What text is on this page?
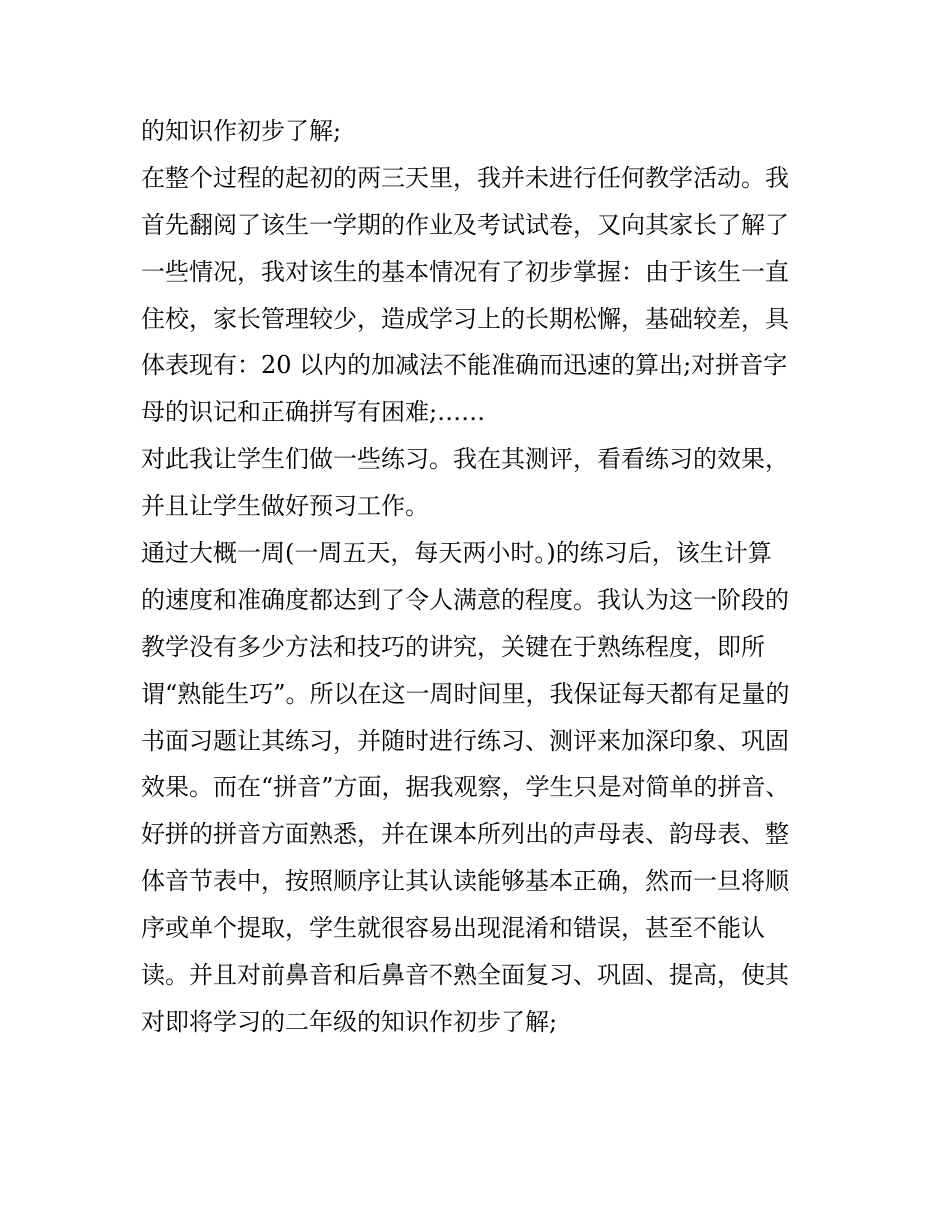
的知识作初步了解;
在整个过程的起初的两三天里，我并未进行任何教学活动。我
首先翻阅了该生一学期的作业及考试试卷，又向其家长了解了
一些情况，我对该生的基本情况有了初步掌握：由于该生一直
住校，家长管理较少，造成学习上的长期松懈，基础较差，具
体表现有：20 以内的加减法不能准确而迅速的算出;对拼音字
母的识记和正确拼写有困难;……
对此我让学生们做一些练习。我在其测评，看看练习的效果，
并且让学生做好预习工作。
通过大概一周(一周五天，每天两小时。)的练习后，该生计算
的速度和准确度都达到了令人满意的程度。我认为这一阶段的
教学没有多少方法和技巧的讲究，关键在于熟练程度，即所
谓“熟能生巧”。所以在这一周时间里，我保证每天都有足量的
书面习题让其练习，并随时进行练习、测评来加深印象、巩固
效果。而在“拼音”方面，据我观察，学生只是对简单的拼音、
好拼的拼音方面熟悉，并在课本所列出的声母表、韵母表、整
体音节表中，按照顺序让其认读能够基本正确，然而一旦将顺
序或单个提取，学生就很容易出现混淆和错误，甚至不能认
读。并且对前鼻音和后鼻音不熟全面复习、巩固、提高，使其
对即将学习的二年级的知识作初步了解;
